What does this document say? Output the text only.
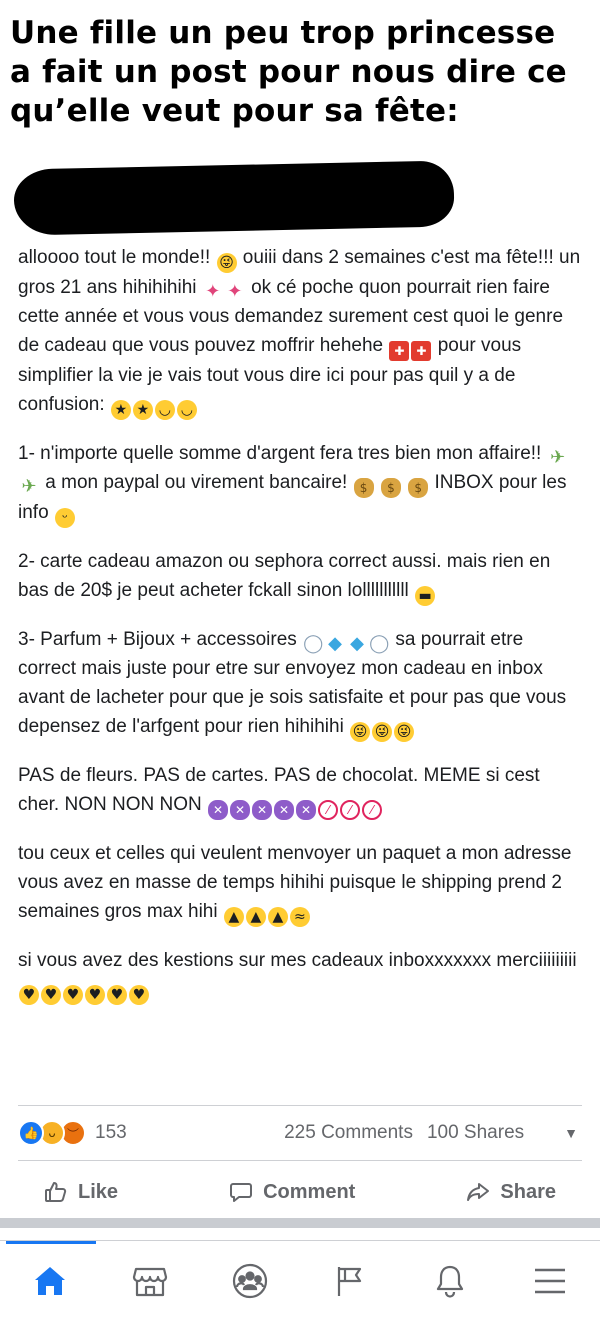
Une fille un peu trop princesse
a fait un post pour nous dire ce
qu’elle veut pour sa fête:

alloooo tout le monde!! 😜 ouiii dans 2 semaines c'est ma fête!!! un gros 21 ans hihihihihi ✦ ✦ ok cé poche quon pourrait rien faire cette année et vous vous demandez surement cest quoi le genre de cadeau que vous pouvez moffrir hehehe ✚ ✚ pour vous simplifier la vie je vais tout vous dire ici pour pas quil y a de confusion: ★ ★ ◡ ◡

1- n'importe quelle somme d'argent fera tres bien mon affaire!! ✈✈ a mon paypal ou virement bancaire! $ $ $ INBOX pour les info ᵕ

2- carte cadeau amazon ou sephora correct aussi. mais rien en bas de 20$ je peut acheter fckall sinon lolllllllllll ▬

3- Parfum + Bijoux + accessoires ◯ ◆ ◆ ◯ sa pourrait etre correct mais juste pour etre sur envoyez mon cadeau en inbox avant de lacheter pour que je sois satisfaite et pour pas que vous depensez de l'arfgent pour rien hihihihi 😜 😜 😜

PAS de fleurs. PAS de cartes. PAS de chocolat. MEME si cest cher. NON NON NON ✕ ✕ ✕ ✕ ✕ ⁄ ⁄ ⁄

tou ceux et celles qui veulent menvoyer un paquet a mon adresse vous avez en masse de temps hihihi puisque le shipping prend 2 semaines gros max hihi ▲ ▲ ▲ ≈

si vous avez des kestions sur mes cadeaux inboxxxxxxx merciiiiiiiii ♥ ♥ ♥ ♥ ♥ ♥

👍 ᴗ ︶ 153	225 Comments 100 Shares	▼
Like	Comment	Share
